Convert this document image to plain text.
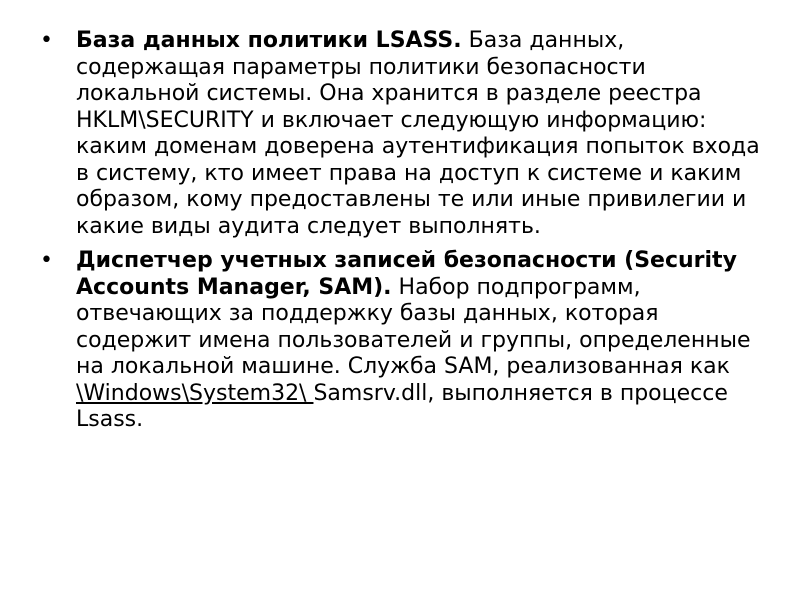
• База данных политики LSASS. База данных, содержащая параметры политики безопасности локальной системы. Она хранится в разделе реестра HKLM\SECURITY и включает следующую информацию: каким доменам доверена аутентификация попыток входа в систему, кто имеет права на доступ к системе и каким образом, кому предоставлены те или иные привилегии и какие виды аудита следует выполнять.
• Диспетчер учетных записей безопасности (Security Accounts Manager, SAM). Набор подпрограмм, отвечающих за поддержку базы данных, которая содержит имена пользователей и группы, определенные на локальной машине. Служба SAM, реализованная как \Windows\System32\ Samsrv.dll, выполняется в процессе Lsass.
